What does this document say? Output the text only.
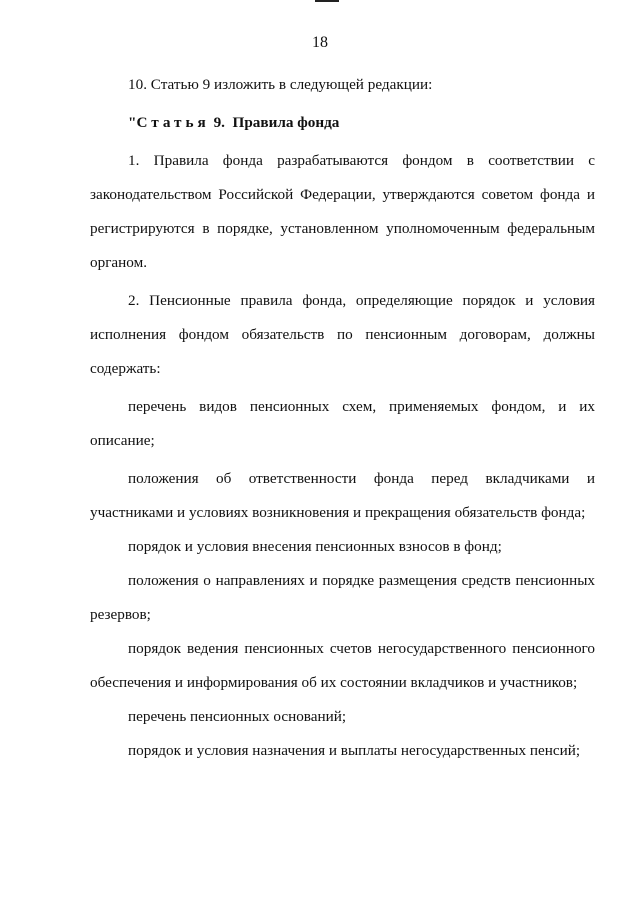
18

10. Статью 9 изложить в следующей редакции:

"Статья 9.  Правила фонда

1. Правила фонда разрабатываются фондом в соответствии с законодательством Российской Федерации, утверждаются советом фонда и регистрируются в порядке, установленном уполномоченным федеральным органом.

2. Пенсионные правила фонда, определяющие порядок и условия исполнения фондом обязательств по пенсионным договорам, должны содержать:

перечень видов пенсионных схем, применяемых фондом, и их описание;

положения об ответственности фонда перед вкладчиками и участниками и условиях возникновения и прекращения обязательств фонда;

порядок и условия внесения пенсионных взносов в фонд;

положения о направлениях и порядке размещения средств пенсионных резервов;

порядок ведения пенсионных счетов негосударственного пенсионного обеспечения и информирования об их состоянии вкладчиков и участников;

перечень пенсионных оснований;

порядок и условия назначения и выплаты негосударственных пенсий;
